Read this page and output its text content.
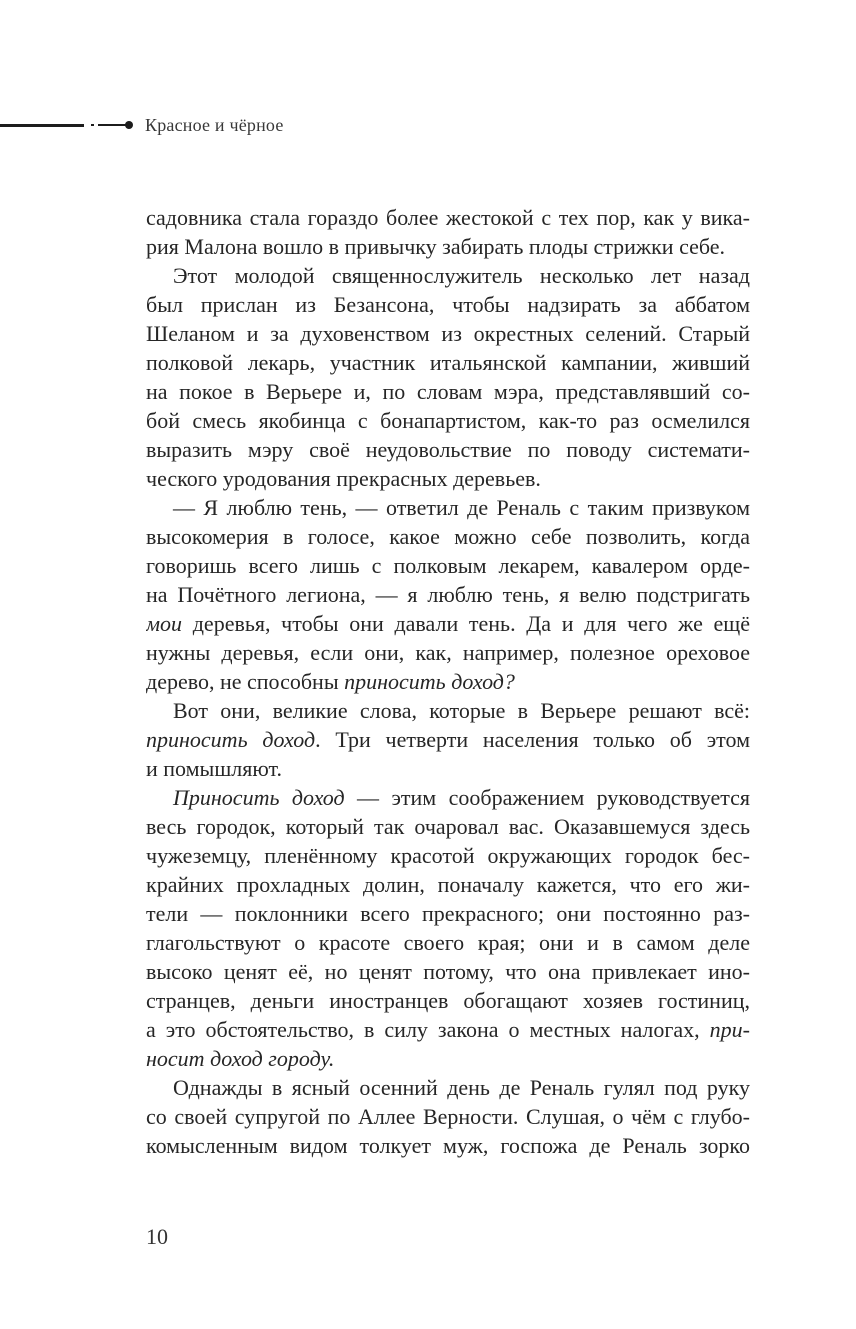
Красное и чёрное
садовника стала гораздо более жестокой с тех пор, как у вика-
рия Малона вошло в привычку забирать плоды стрижки себе.
Этот молодой священнослужитель несколько лет назад
был прислан из Безансона, чтобы надзирать за аббатом
Шеланом и за духовенством из окрестных селений. Старый
полковой лекарь, участник итальянской кампании, живший
на покое в Верьере и, по словам мэра, представлявший со-
бой смесь якобинца с бонапартистом, как-то раз осмелился
выразить мэру своё неудовольствие по поводу системати-
ческого уродования прекрасных деревьев.
— Я люблю тень, — ответил де Реналь с таким призвуком
высокомерия в голосе, какое можно себе позволить, когда
говоришь всего лишь с полковым лекарем, кавалером орде-
на Почётного легиона, — я люблю тень, я велю подстригать
мои деревья, чтобы они давали тень. Да и для чего же ещё
нужны деревья, если они, как, например, полезное ореховое
дерево, не способны приносить доход?
Вот они, великие слова, которые в Верьере решают всё:
приносить доход. Три четверти населения только об этом
и помышляют.
Приносить доход — этим соображением руководствуется
весь городок, который так очаровал вас. Оказавшемуся здесь
чужеземцу, пленённому красотой окружающих городок бес-
крайних прохладных долин, поначалу кажется, что его жи-
тели — поклонники всего прекрасного; они постоянно раз-
глагольствуют о красоте своего края; они и в самом деле
высоко ценят её, но ценят потому, что она привлекает ино-
странцев, деньги иностранцев обогащают хозяев гостиниц,
а это обстоятельство, в силу закона о местных налогах, при-
носит доход городу.
Однажды в ясный осенний день де Реналь гулял под руку
со своей супругой по Аллее Верности. Слушая, о чём с глубо-
комысленным видом толкует муж, госпожа де Реналь зорко
10
